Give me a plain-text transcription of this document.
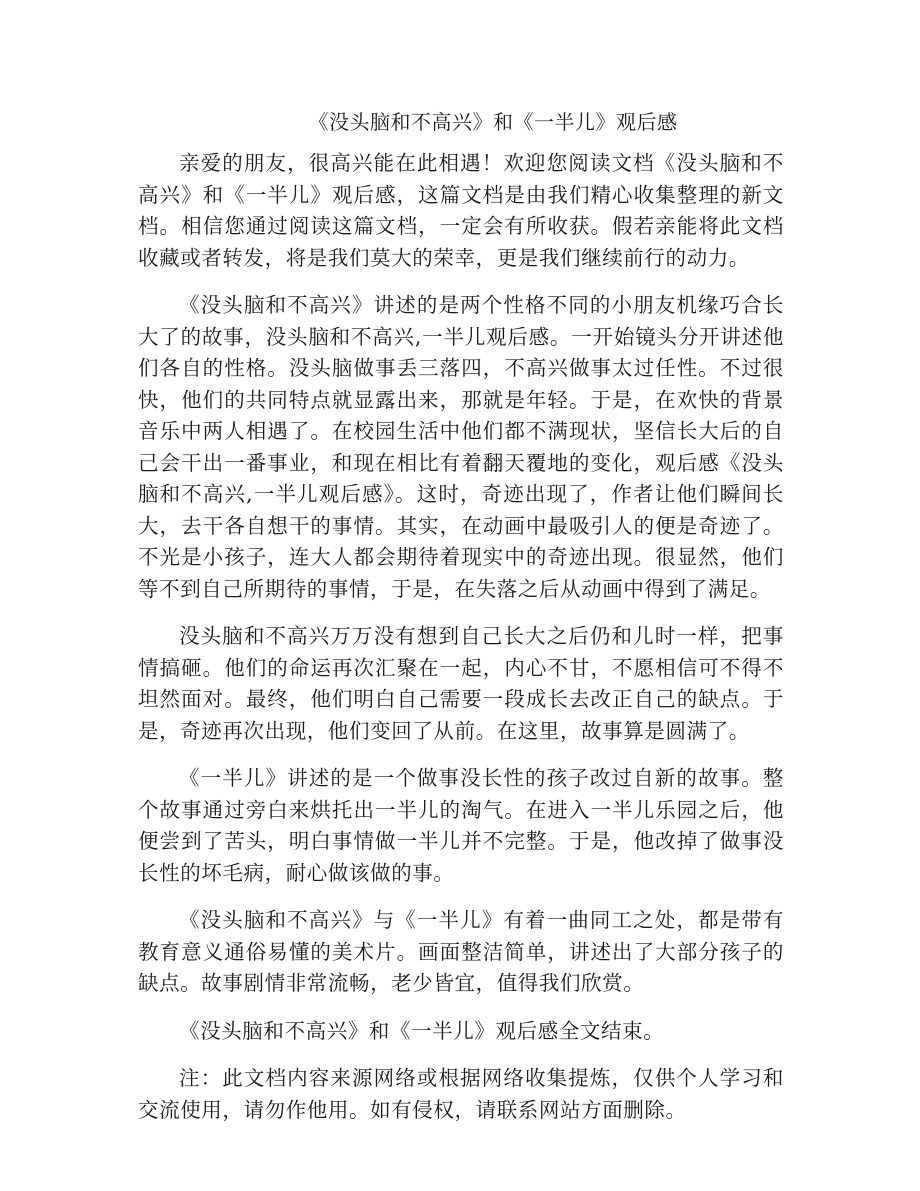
《没头脑和不高兴》和《一半儿》观后感

亲爱的朋友，很高兴能在此相遇！欢迎您阅读文档《没头脑和不高兴》和《一半儿》观后感，这篇文档是由我们精心收集整理的新文档。相信您通过阅读这篇文档，一定会有所收获。假若亲能将此文档收藏或者转发，将是我们莫大的荣幸，更是我们继续前行的动力。

《没头脑和不高兴》讲述的是两个性格不同的小朋友机缘巧合长大了的故事，没头脑和不高兴,一半儿观后感。一开始镜头分开讲述他们各自的性格。没头脑做事丢三落四，不高兴做事太过任性。不过很快，他们的共同特点就显露出来，那就是年轻。于是，在欢快的背景音乐中两人相遇了。在校园生活中他们都不满现状，坚信长大后的自己会干出一番事业，和现在相比有着翻天覆地的变化，观后感《没头脑和不高兴,一半儿观后感》。这时，奇迹出现了，作者让他们瞬间长大，去干各自想干的事情。其实，在动画中最吸引人的便是奇迹了。不光是小孩子，连大人都会期待着现实中的奇迹出现。很显然，他们等不到自己所期待的事情，于是，在失落之后从动画中得到了满足。

没头脑和不高兴万万没有想到自己长大之后仍和儿时一样，把事情搞砸。他们的命运再次汇聚在一起，内心不甘，不愿相信可不得不坦然面对。最终，他们明白自己需要一段成长去改正自己的缺点。于是，奇迹再次出现，他们变回了从前。在这里，故事算是圆满了。

《一半儿》讲述的是一个做事没长性的孩子改过自新的故事。整个故事通过旁白来烘托出一半儿的淘气。在进入一半儿乐园之后，他便尝到了苦头，明白事情做一半儿并不完整。于是，他改掉了做事没长性的坏毛病，耐心做该做的事。

《没头脑和不高兴》与《一半儿》有着一曲同工之处，都是带有教育意义通俗易懂的美术片。画面整洁简单，讲述出了大部分孩子的缺点。故事剧情非常流畅，老少皆宜，值得我们欣赏。

《没头脑和不高兴》和《一半儿》观后感全文结束。

注：此文档内容来源网络或根据网络收集提炼，仅供个人学习和交流使用，请勿作他用。如有侵权，请联系网站方面删除。
